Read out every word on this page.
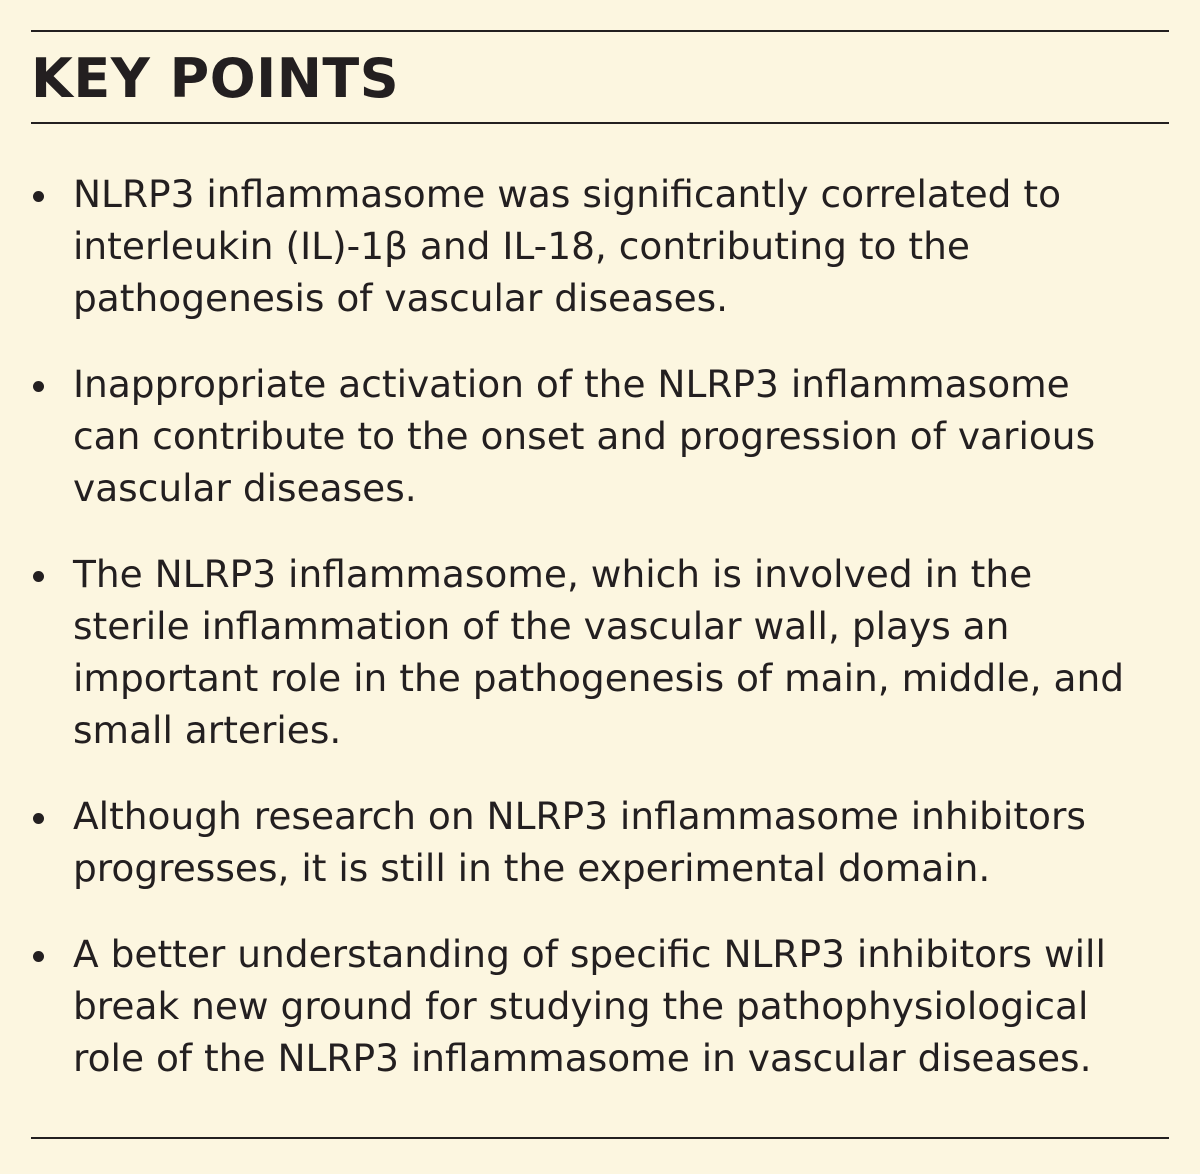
KEY POINTS
NLRP3 inflammasome was significantly correlated to
interleukin (IL)-1β and IL-18, contributing to the
pathogenesis of vascular diseases.
Inappropriate activation of the NLRP3 inflammasome
can contribute to the onset and progression of various
vascular diseases.
The NLRP3 inflammasome, which is involved in the
sterile inflammation of the vascular wall, plays an
important role in the pathogenesis of main, middle, and
small arteries.
Although research on NLRP3 inflammasome inhibitors
progresses, it is still in the experimental domain.
A better understanding of specific NLRP3 inhibitors will
break new ground for studying the pathophysiological
role of the NLRP3 inflammasome in vascular diseases.
